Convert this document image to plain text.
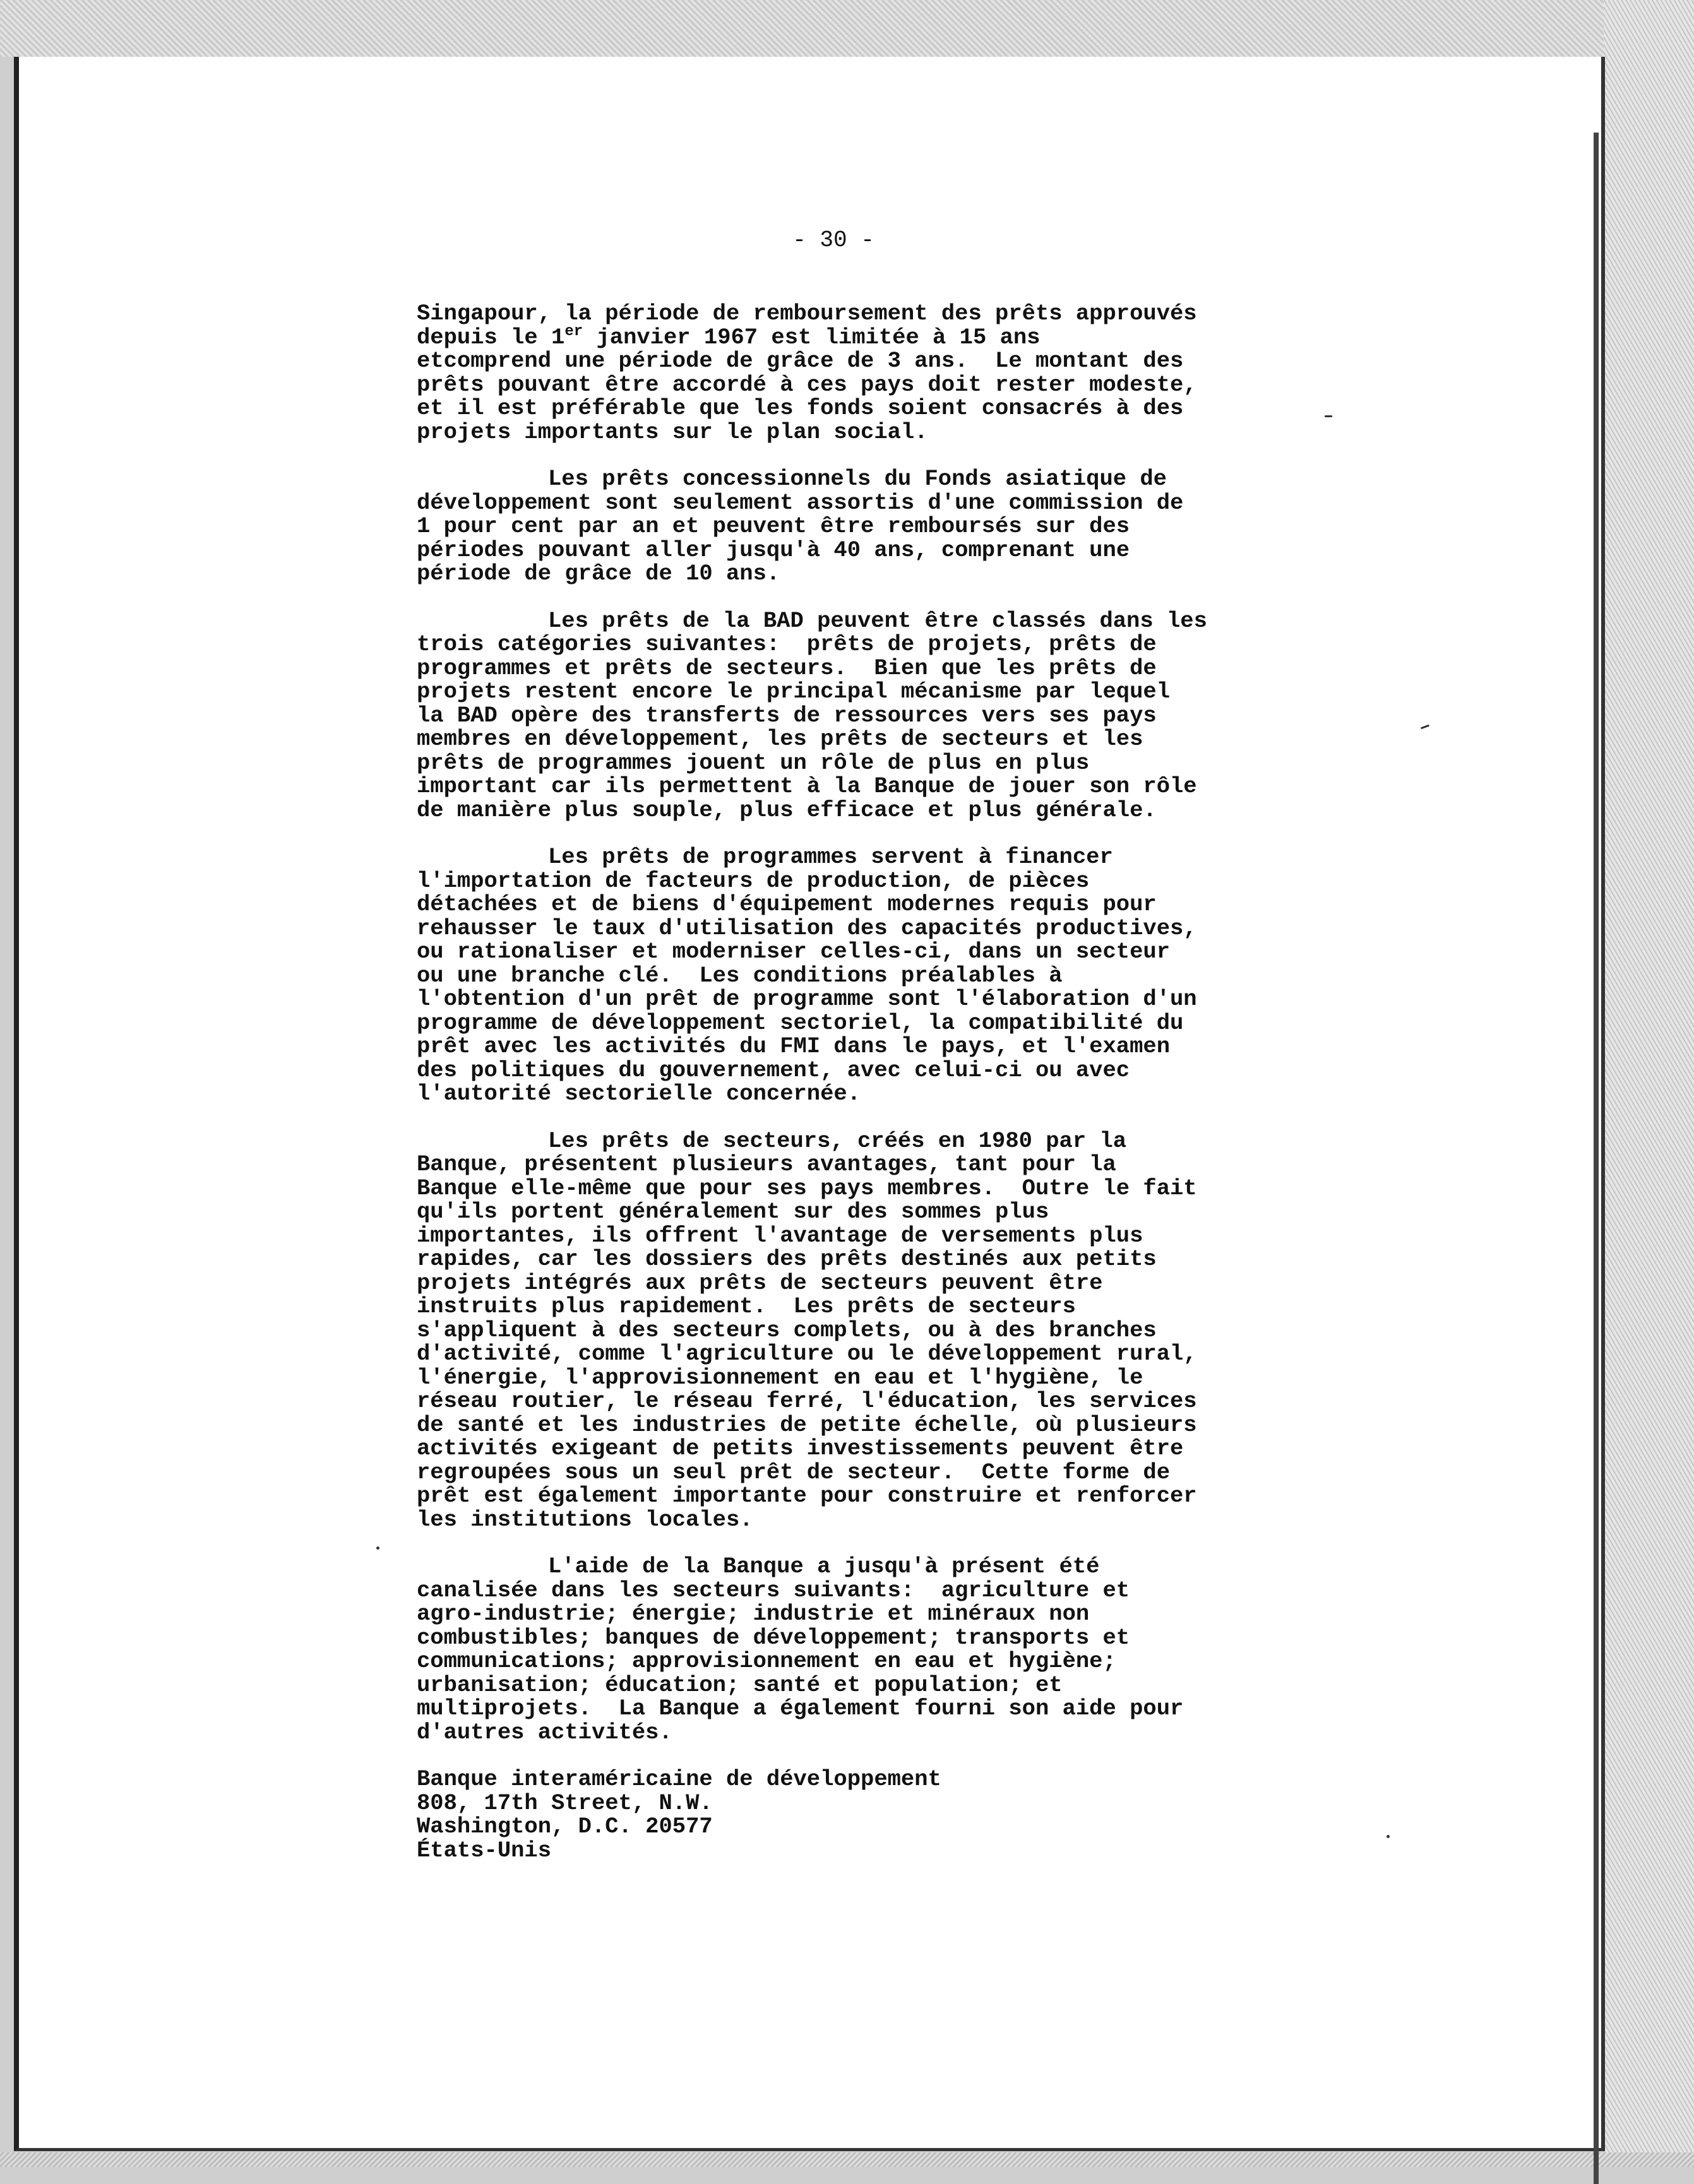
- 30 -
Singapour, la période de remboursement des prêts approuvés
depuis le 1er janvier 1967 est limitée à 15 ans
etcomprend une période de grâce de 3 ans.  Le montant des
prêts pouvant être accordé à ces pays doit rester modeste,
et il est préférable que les fonds soient consacrés à des
projets importants sur le plan social.
Les prêts concessionnels du Fonds asiatique de
développement sont seulement assortis d'une commission de
1 pour cent par an et peuvent être remboursés sur des
périodes pouvant aller jusqu'à 40 ans, comprenant une
période de grâce de 10 ans.
Les prêts de la BAD peuvent être classés dans les
trois catégories suivantes:  prêts de projets, prêts de
programmes et prêts de secteurs.  Bien que les prêts de
projets restent encore le principal mécanisme par lequel
la BAD opère des transferts de ressources vers ses pays
membres en développement, les prêts de secteurs et les
prêts de programmes jouent un rôle de plus en plus
important car ils permettent à la Banque de jouer son rôle
de manière plus souple, plus efficace et plus générale.
Les prêts de programmes servent à financer
l'importation de facteurs de production, de pièces
détachées et de biens d'équipement modernes requis pour
rehausser le taux d'utilisation des capacités productives,
ou rationaliser et moderniser celles-ci, dans un secteur
ou une branche clé.  Les conditions préalables à
l'obtention d'un prêt de programme sont l'élaboration d'un
programme de développement sectoriel, la compatibilité du
prêt avec les activités du FMI dans le pays, et l'examen
des politiques du gouvernement, avec celui-ci ou avec
l'autorité sectorielle concernée.
Les prêts de secteurs, créés en 1980 par la
Banque, présentent plusieurs avantages, tant pour la
Banque elle-même que pour ses pays membres.  Outre le fait
qu'ils portent généralement sur des sommes plus
importantes, ils offrent l'avantage de versements plus
rapides, car les dossiers des prêts destinés aux petits
projets intégrés aux prêts de secteurs peuvent être
instruits plus rapidement.  Les prêts de secteurs
s'appliquent à des secteurs complets, ou à des branches
d'activité, comme l'agriculture ou le développement rural,
l'énergie, l'approvisionnement en eau et l'hygiène, le
réseau routier, le réseau ferré, l'éducation, les services
de santé et les industries de petite échelle, où plusieurs
activités exigeant de petits investissements peuvent être
regroupées sous un seul prêt de secteur.  Cette forme de
prêt est également importante pour construire et renforcer
les institutions locales.
L'aide de la Banque a jusqu'à présent été
canalisée dans les secteurs suivants:  agriculture et
agro-industrie; énergie; industrie et minéraux non
combustibles; banques de développement; transports et
communications; approvisionnement en eau et hygiène;
urbanisation; éducation; santé et population; et
multiprojets.  La Banque a également fourni son aide pour
d'autres activités.
Banque interaméricaine de développement
808, 17th Street, N.W.
Washington, D.C. 20577
États-Unis
